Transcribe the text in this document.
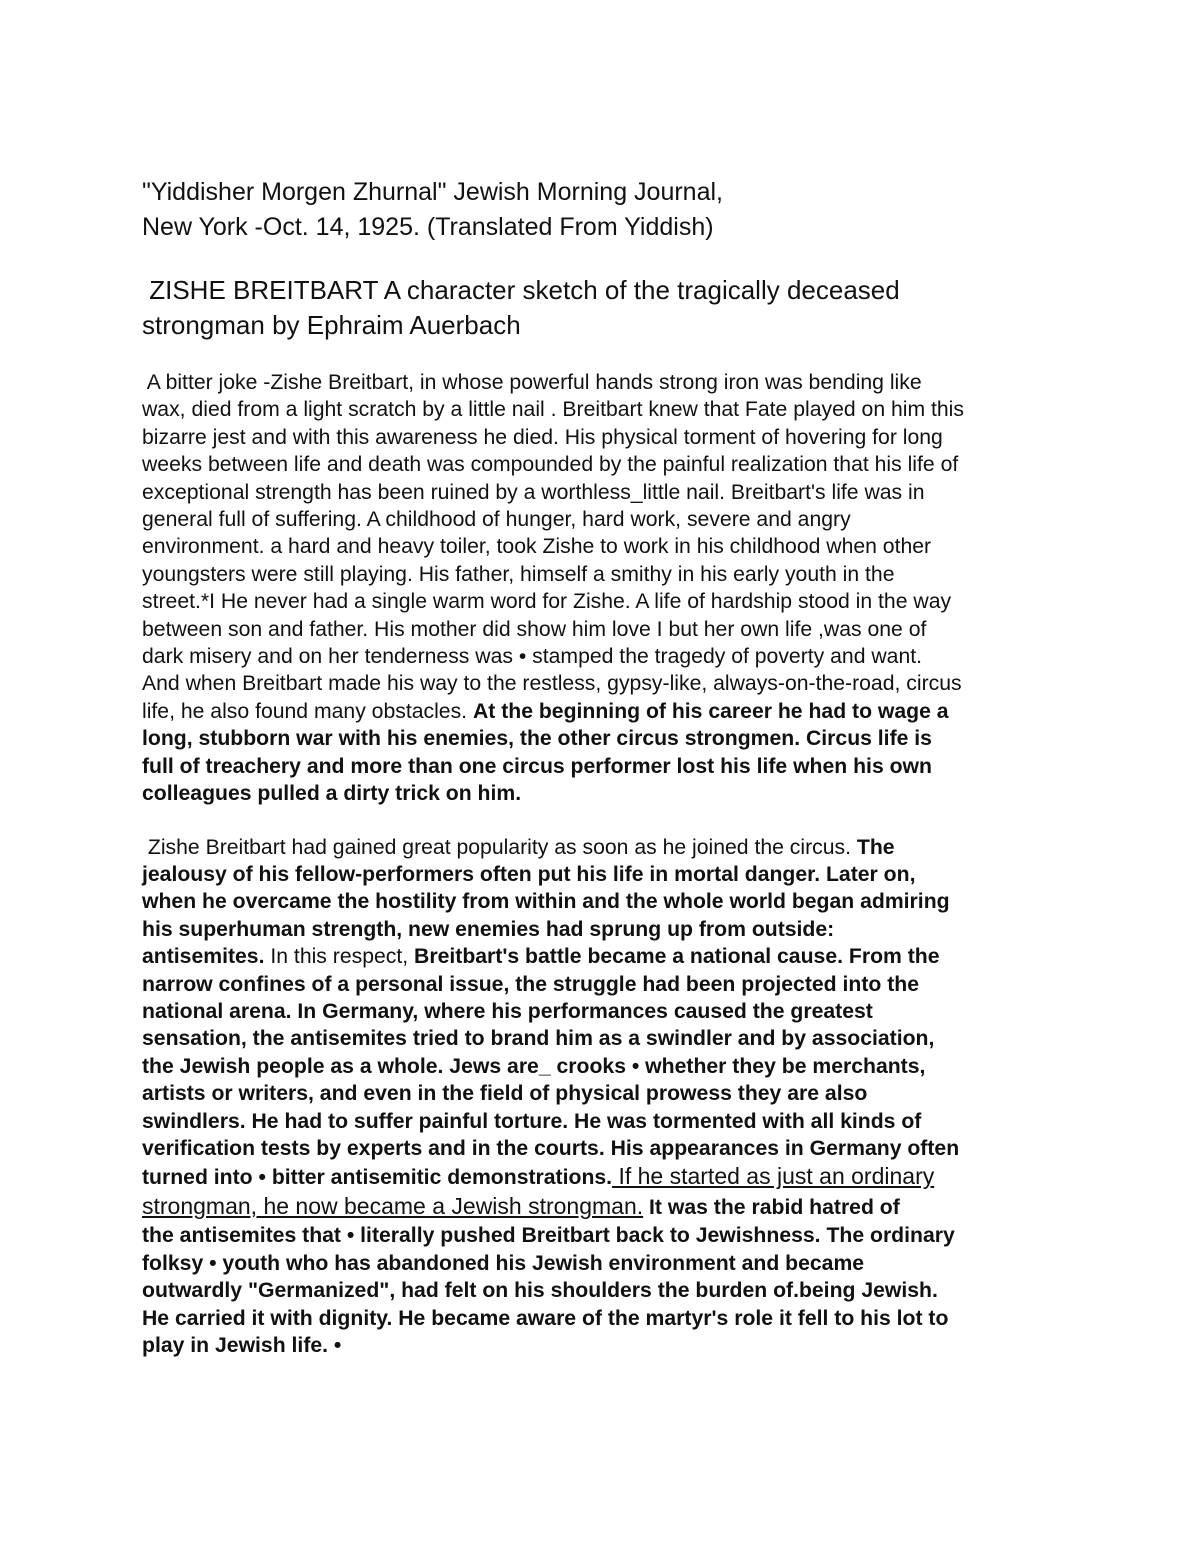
"Yiddisher Morgen Zhurnal" Jewish Morning Journal,
New York -Oct. 14, 1925. (Translated From Yiddish)
ZISHE BREITBART A character sketch of the tragically deceased
strongman by Ephraim Auerbach
A bitter joke -Zishe Breitbart, in whose powerful hands strong iron was bending like
wax, died from a light scratch by a little nail . Breitbart knew that Fate played on him this
bizarre jest and with this awareness he died. His physical torment of hovering for long
weeks between life and death was compounded by the painful realization that his life of
exceptional strength has been ruined by a worthless_little nail. Breitbart's life was in
general full of suffering. A childhood of hunger, hard work, severe and angry
environment. a hard and heavy toiler, took Zishe to work in his childhood when other
youngsters were still playing. His father, himself a smithy in his early youth in the
street.*I He never had a single warm word for Zishe. A life of hardship stood in the way
between son and father. His mother did show him love I but her own life ,was one of
dark misery and on her tenderness was • stamped the tragedy of poverty and want.
And when Breitbart made his way to the restless, gypsy-like, always-on-the-road, circus
life, he also found many obstacles. At the beginning of his career he had to wage a
long, stubborn war with his enemies, the other circus strongmen. Circus life is
full of treachery and more than one circus performer lost his life when his own
colleagues pulled a dirty trick on him.
Zishe Breitbart had gained great popularity as soon as he joined the circus. The
jealousy of his fellow-performers often put his life in mortal danger. Later on,
when he overcame the hostility from within and the whole world began admiring
his superhuman strength, new enemies had sprung up from outside:
antisemites. In this respect, Breitbart's battle became a national cause. From the
narrow confines of a personal issue, the struggle had been projected into the
national arena. In Germany, where his performances caused the greatest
sensation, the antisemites tried to brand him as a swindler and by association,
the Jewish people as a whole. Jews are_ crooks • whether they be merchants,
artists or writers, and even in the field of physical prowess they are also
swindlers. He had to suffer painful torture. He was tormented with all kinds of
verification tests by experts and in the courts. His appearances in Germany often
turned into • bitter antisemitic demonstrations. If he started as just an ordinary
strongman, he now became a Jewish strongman. It was the rabid hatred of
the antisemites that • literally pushed Breitbart back to Jewishness. The ordinary
folksy • youth who has abandoned his Jewish environment and became
outwardly "Germanized", had felt on his shoulders the burden of.being Jewish.
He carried it with dignity. He became aware of the martyr's role it fell to his lot to
play in Jewish life. •
